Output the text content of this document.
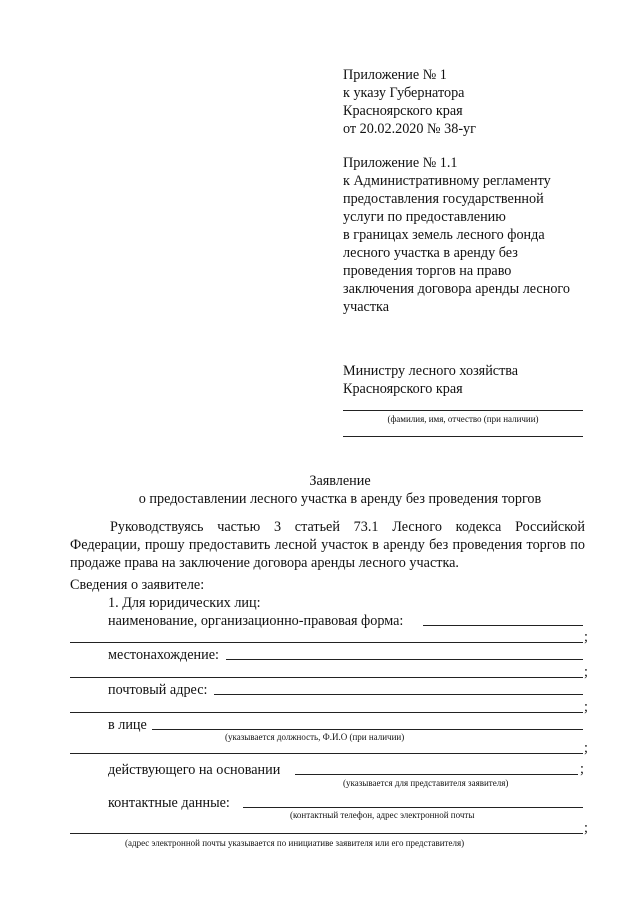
Приложение № 1
к указу Губернатора
Красноярского края
от 20.02.2020 № 38-уг
Приложение № 1.1
к Административному регламенту
предоставления государственной
услуги по предоставлению
в границах земель лесного фонда
лесного участка в аренду без
проведения торгов на право
заключения договора аренды лесного
участка
Министру лесного хозяйства
Красноярского края
(фамилия, имя, отчество (при наличии)
Заявление
о предоставлении лесного участка в аренду без проведения торгов
Руководствуясь частью 3 статьей 73.1 Лесного кодекса Российской Федерации, прошу предоставить лесной участок в аренду без проведения торгов по продаже права на заключение договора аренды лесного участка.
Сведения о заявителе:
1. Для юридических лиц:
наименование, организационно-правовая форма:
;
местонахождение:
;
почтовый адрес:
;
в лице
(указывается должность, Ф.И.О (при наличии)
;
действующего на основании	;
(указывается для представителя заявителя)
контактные данные:
(контактный телефон, адрес электронной почты
;
(адрес электронной почты указывается по инициативе заявителя или его представителя)
